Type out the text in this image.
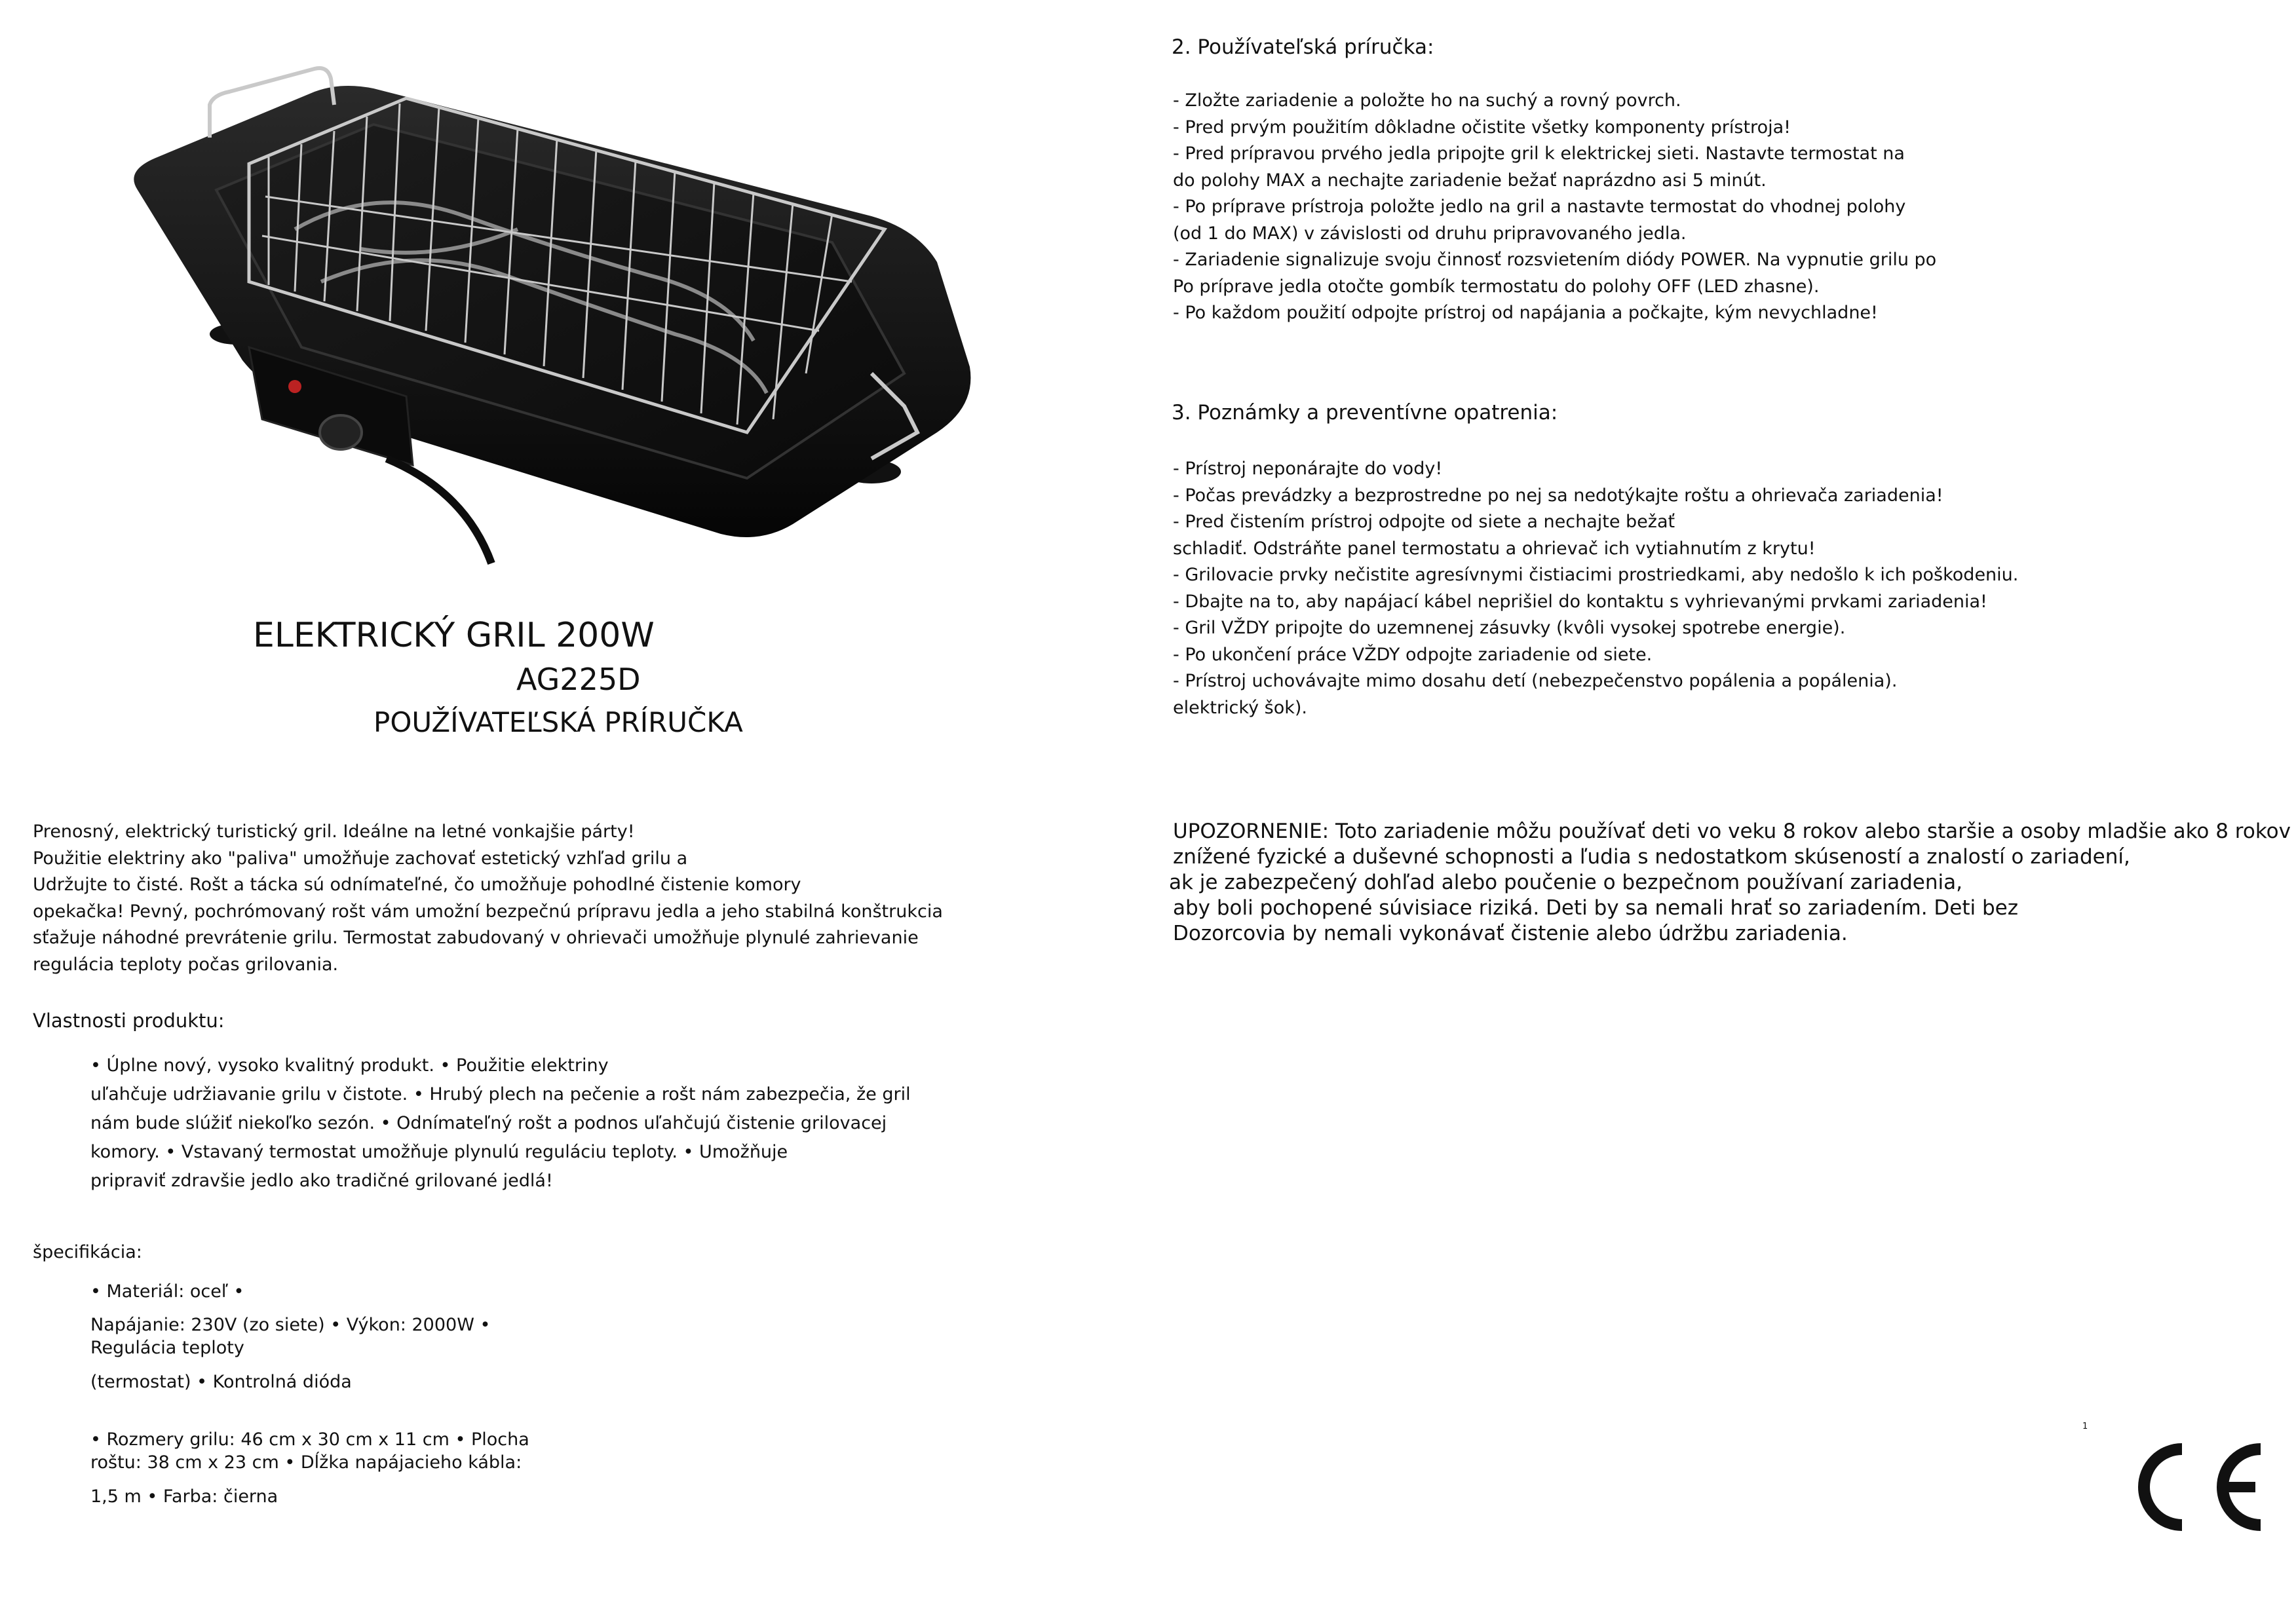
ELEKTRICKÝ GRIL 200W
AG225D
POUŽÍVATEĽSKÁ PRÍRUČKA
Prenosný, elektrický turistický gril. Ideálne na letné vonkajšie párty!
Použitie elektriny ako "paliva" umožňuje zachovať estetický vzhľad grilu a
Udržujte to čisté. Rošt a tácka sú odnímateľné, čo umožňuje pohodlné čistenie komory
opekačka! Pevný, pochrómovaný rošt vám umožní bezpečnú prípravu jedla a jeho stabilná konštrukcia
sťažuje náhodné prevrátenie grilu. Termostat zabudovaný v ohrievači umožňuje plynulé zahrievanie
regulácia teploty počas grilovania.
Vlastnosti produktu:
• Úplne nový, vysoko kvalitný produkt. • Použitie elektriny
uľahčuje udržiavanie grilu v čistote. • Hrubý plech na pečenie a rošt nám zabezpečia, že gril
nám bude slúžiť niekoľko sezón. • Odnímateľný rošt a podnos uľahčujú čistenie grilovacej
komory. • Vstavaný termostat umožňuje plynulú reguláciu teploty. • Umožňuje
pripraviť zdravšie jedlo ako tradičné grilované jedlá!
špecifikácia:
• Materiál: oceľ •
Napájanie: 230V (zo siete) • Výkon: 2000W •
Regulácia teploty
(termostat) • Kontrolná dióda
• Rozmery grilu: 46 cm x 30 cm x 11 cm • Plocha
roštu: 38 cm x 23 cm • Dĺžka napájacieho kábla:
1,5 m • Farba: čierna
2. Používateľská príručka:
- Zložte zariadenie a položte ho na suchý a rovný povrch.
- Pred prvým použitím dôkladne očistite všetky komponenty prístroja!
- Pred prípravou prvého jedla pripojte gril k elektrickej sieti. Nastavte termostat na
do polohy MAX a nechajte zariadenie bežať naprázdno asi 5 minút.
- Po príprave prístroja položte jedlo na gril a nastavte termostat do vhodnej polohy
(od 1 do MAX) v závislosti od druhu pripravovaného jedla.
- Zariadenie signalizuje svoju činnosť rozsvietením diódy POWER. Na vypnutie grilu po
Po príprave jedla otočte gombík termostatu do polohy OFF (LED zhasne).
- Po každom použití odpojte prístroj od napájania a počkajte, kým nevychladne!
3. Poznámky a preventívne opatrenia:
- Prístroj neponárajte do vody!
- Počas prevádzky a bezprostredne po nej sa nedotýkajte roštu a ohrievača zariadenia!
- Pred čistením prístroj odpojte od siete a nechajte bežať
schladiť. Odstráňte panel termostatu a ohrievač ich vytiahnutím z krytu!
- Grilovacie prvky nečistite agresívnymi čistiacimi prostriedkami, aby nedošlo k ich poškodeniu.
- Dbajte na to, aby napájací kábel neprišiel do kontaktu s vyhrievanými prvkami zariadenia!
- Gril VŽDY pripojte do uzemnenej zásuvky (kvôli vysokej spotrebe energie).
- Po ukončení práce VŽDY odpojte zariadenie od siete.
- Prístroj uchovávajte mimo dosahu detí (nebezpečenstvo popálenia a popálenia).
elektrický šok).
UPOZORNENIE: Toto zariadenie môžu používať deti vo veku 8 rokov alebo staršie a osoby mladšie ako 8 rokov
znížené fyzické a duševné schopnosti a ľudia s nedostatkom skúseností a znalostí o zariadení,
ak je zabezpečený dohľad alebo poučenie o bezpečnom používaní zariadenia,
aby boli pochopené súvisiace riziká. Deti by sa nemali hrať so zariadením. Deti bez
Dozorcovia by nemali vykonávať čistenie alebo údržbu zariadenia.
1
